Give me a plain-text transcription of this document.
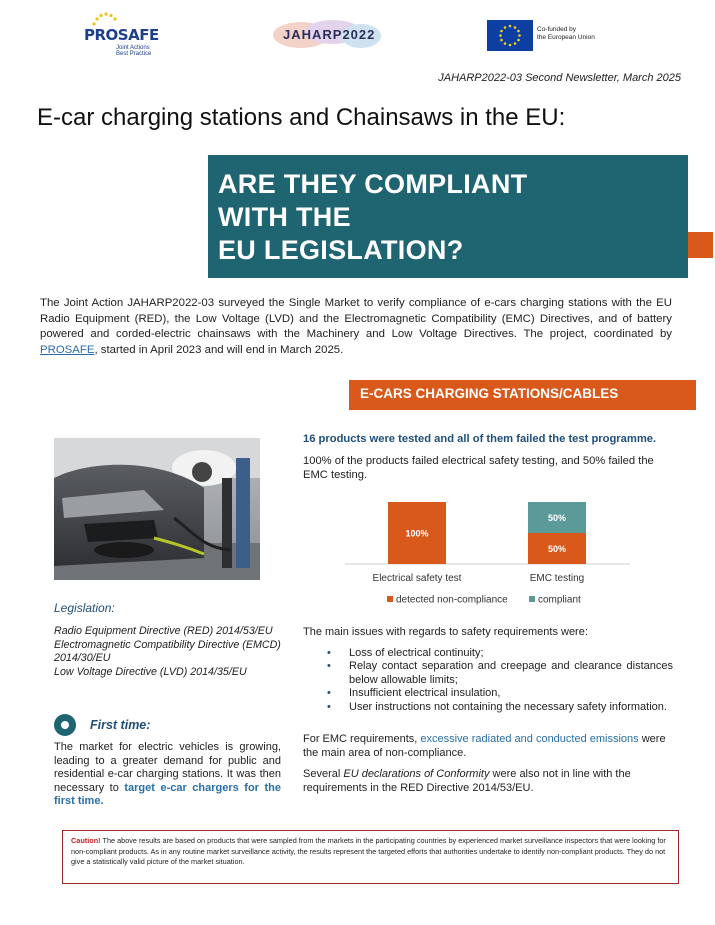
PROSAFE
Joint Actions
Best Practice
JAHARP2022	Co-funded by
the European Union
JAHARP2022-03 Second Newsletter, March 2025
E-car charging stations and Chainsaws in the EU:
ARE THEY COMPLIANT
WITH THE
EU LEGISLATION?

The Joint Action JAHARP2022-03 surveyed the Single Market to verify compliance of e-cars charging stations with the EU Radio Equipment (RED), the Low Voltage (LVD) and the Electromagnetic Compatibility (EMC) Directives, and of battery powered and corded-electric chainsaws with the Machinery and Low Voltage Directives. The project, coordinated by PROSAFE, started in April 2023 and will end in March 2025.

E-CARS CHARGING STATIONS/CABLES
16 products were tested and all of them failed the test programme.
100% of the products failed electrical safety testing, and 50% failed the EMC testing.
100%
Electrical safety test
50%
50%
EMC testing
detected non-compliance	compliant
Legislation:
Radio Equipment Directive (RED) 2014/53/EU
Electromagnetic Compatibility Directive (EMCD) 2014/30/EU
Low Voltage Directive (LVD) 2014/35/EU
First time:

The market for electric vehicles is growing, leading to a greater demand for public and residential e-car charging stations. It was then necessary to target e-car chargers for the first time.

The main issues with regards to safety requirements were:
• Loss of electrical continuity;
• Relay contact separation and creepage and clearance distances below allowable limits;
• Insufficient electrical insulation,
• User instructions not containing the necessary safety information.

For EMC requirements, excessive radiated and conducted emissions were the main area of non-compliance.

Several EU declarations of Conformity were also not in line with the requirements in the RED Directive 2014/53/EU.

Caution! The above results are based on products that were sampled from the markets in the participating countries by experienced market surveillance inspectors that were looking for non-compliant products. As in any routine market surveillance activity, the results represent the targeted efforts that authorities undertake to identify non-compliant products. They do not give a statistically valid picture of the market situation.
